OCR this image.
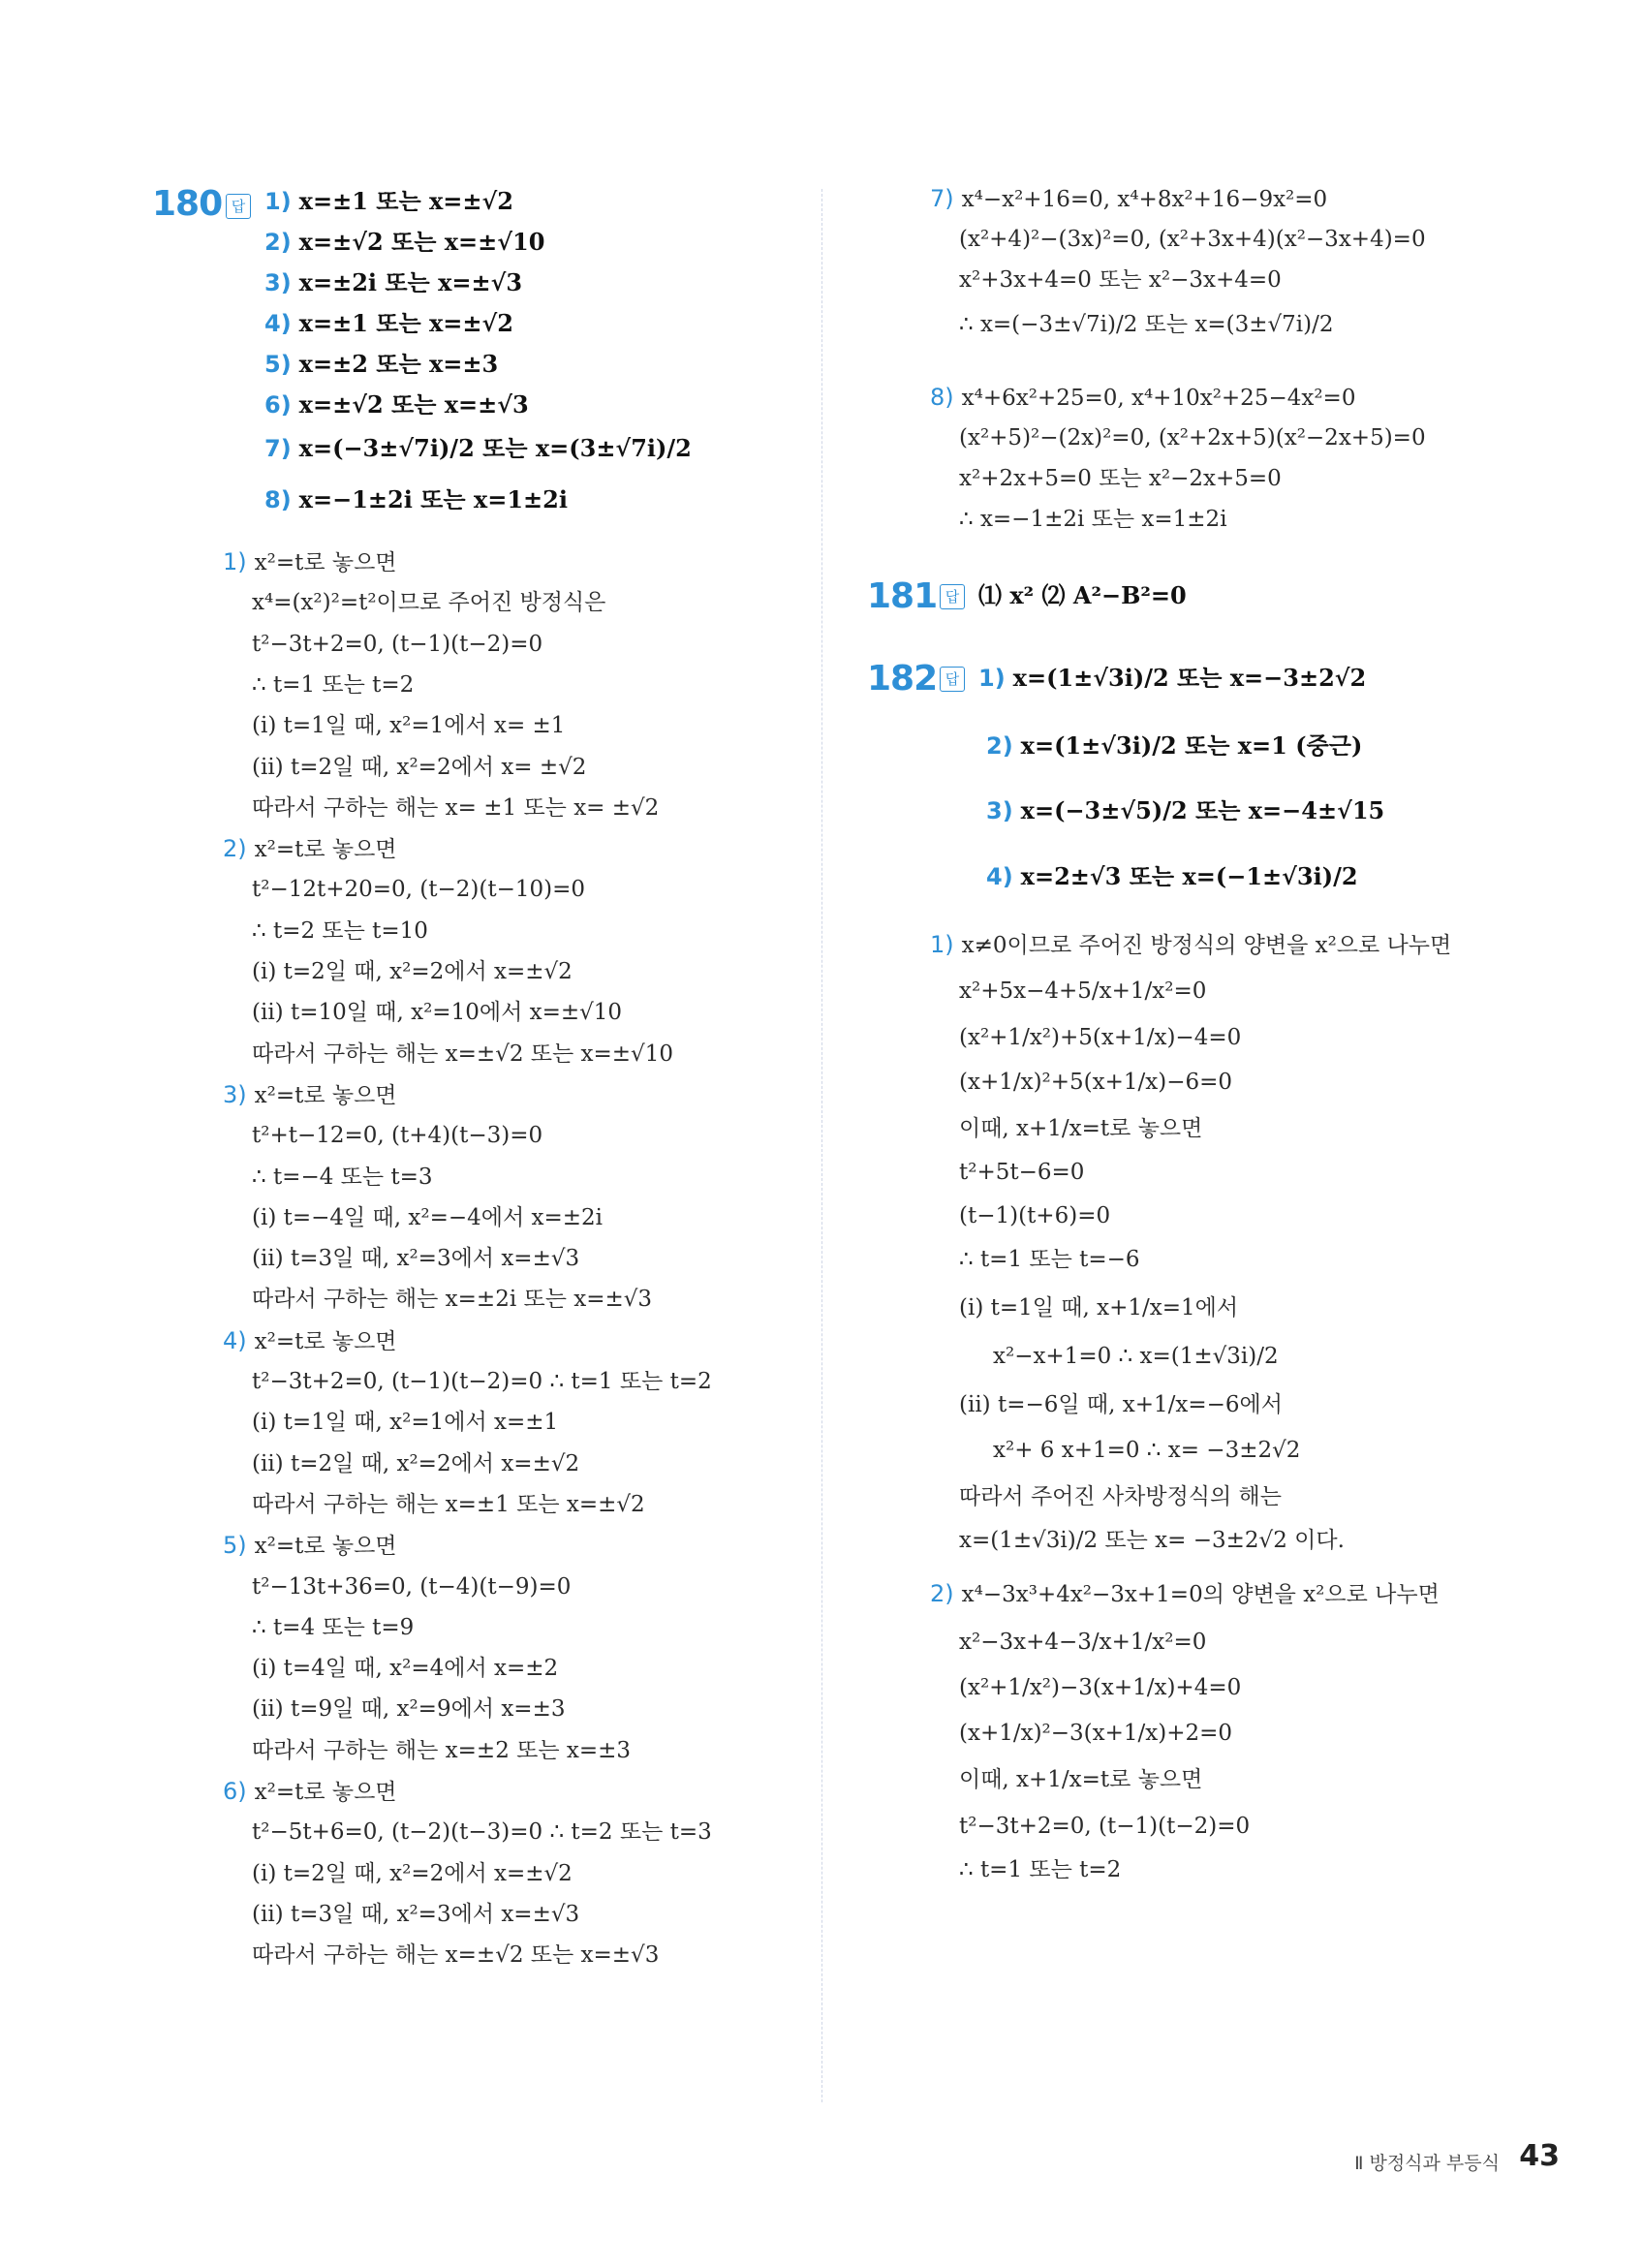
180 답 1) x=±1 또는 x=±√2
2) x=±√2 또는 x=±√10
3) x=±2i 또는 x=±√3
4) x=±1 또는 x=±√2
5) x=±2 또는 x=±3
6) x=±√2 또는 x=±√3
7) x=(−3±√7i)/2 또는 x=(3±√7i)/2
8) x=−1±2i 또는 x=1±2i
1) x²=t로 놓으면
x⁴=(x²)²=t²이므로 주어진 방정식은
t²−3t+2=0, (t−1)(t−2)=0
∴ t=1 또는 t=2
(i) t=1일 때, x²=1에서 x= ±1
(ii) t=2일 때, x²=2에서 x= ±√2
따라서 구하는 해는 x= ±1 또는 x= ±√2
2) x²=t로 놓으면
t²−12t+20=0, (t−2)(t−10)=0
∴ t=2 또는 t=10
(i) t=2일 때, x²=2에서 x=±√2
(ii) t=10일 때, x²=10에서 x=±√10
따라서 구하는 해는 x=±√2 또는 x=±√10
3) x²=t로 놓으면
t²+t−12=0, (t+4)(t−3)=0
∴ t=−4 또는 t=3
(i) t=−4일 때, x²=−4에서 x=±2i
(ii) t=3일 때, x²=3에서 x=±√3
따라서 구하는 해는 x=±2i 또는 x=±√3
4) x²=t로 놓으면
t²−3t+2=0, (t−1)(t−2)=0 ∴ t=1 또는 t=2
(i) t=1일 때, x²=1에서 x=±1
(ii) t=2일 때, x²=2에서 x=±√2
따라서 구하는 해는 x=±1 또는 x=±√2
5) x²=t로 놓으면
t²−13t+36=0, (t−4)(t−9)=0
∴ t=4 또는 t=9
(i) t=4일 때, x²=4에서 x=±2
(ii) t=9일 때, x²=9에서 x=±3
따라서 구하는 해는 x=±2 또는 x=±3
6) x²=t로 놓으면
t²−5t+6=0, (t−2)(t−3)=0 ∴ t=2 또는 t=3
(i) t=2일 때, x²=2에서 x=±√2
(ii) t=3일 때, x²=3에서 x=±√3
따라서 구하는 해는 x=±√2 또는 x=±√3
7) x⁴−x²+16=0, x⁴+8x²+16−9x²=0
(x²+4)²−(3x)²=0, (x²+3x+4)(x²−3x+4)=0
x²+3x+4=0 또는 x²−3x+4=0
∴ x=(−3±√7i)/2 또는 x=(3±√7i)/2
8) x⁴+6x²+25=0, x⁴+10x²+25−4x²=0
(x²+5)²−(2x)²=0, (x²+2x+5)(x²−2x+5)=0
x²+2x+5=0 또는 x²−2x+5=0
∴ x=−1±2i 또는 x=1±2i
181 답 ⑴ x² ⑵ A²−B²=0
182 답 1) x=(1±√3i)/2 또는 x=−3±2√2
2) x=(1±√3i)/2 또는 x=1 (중근)
3) x=(−3±√5)/2 또는 x=−4±√15
4) x=2±√3 또는 x=(−1±√3i)/2
1) x≠0이므로 주어진 방정식의 양변을 x²으로 나누면
x²+5x−4+5/x+1/x²=0
(x²+1/x²)+5(x+1/x)−4=0
(x+1/x)²+5(x+1/x)−6=0
이때, x+1/x=t로 놓으면
t²+5t−6=0
(t−1)(t+6)=0
∴ t=1 또는 t=−6
(i) t=1일 때, x+1/x=1에서
x²−x+1=0 ∴ x=(1±√3i)/2
(ii) t=−6일 때, x+1/x=−6에서
x²+ 6 x+1=0 ∴ x= −3±2√2
따라서 주어진 사차방정식의 해는
x=(1±√3i)/2 또는 x= −3±2√2 이다.
2) x⁴−3x³+4x²−3x+1=0의 양변을 x²으로 나누면
x²−3x+4−3/x+1/x²=0
(x²+1/x²)−3(x+1/x)+4=0
(x+1/x)²−3(x+1/x)+2=0
이때, x+1/x=t로 놓으면
t²−3t+2=0, (t−1)(t−2)=0
∴ t=1 또는 t=2
Ⅱ 방정식과 부등식 43
